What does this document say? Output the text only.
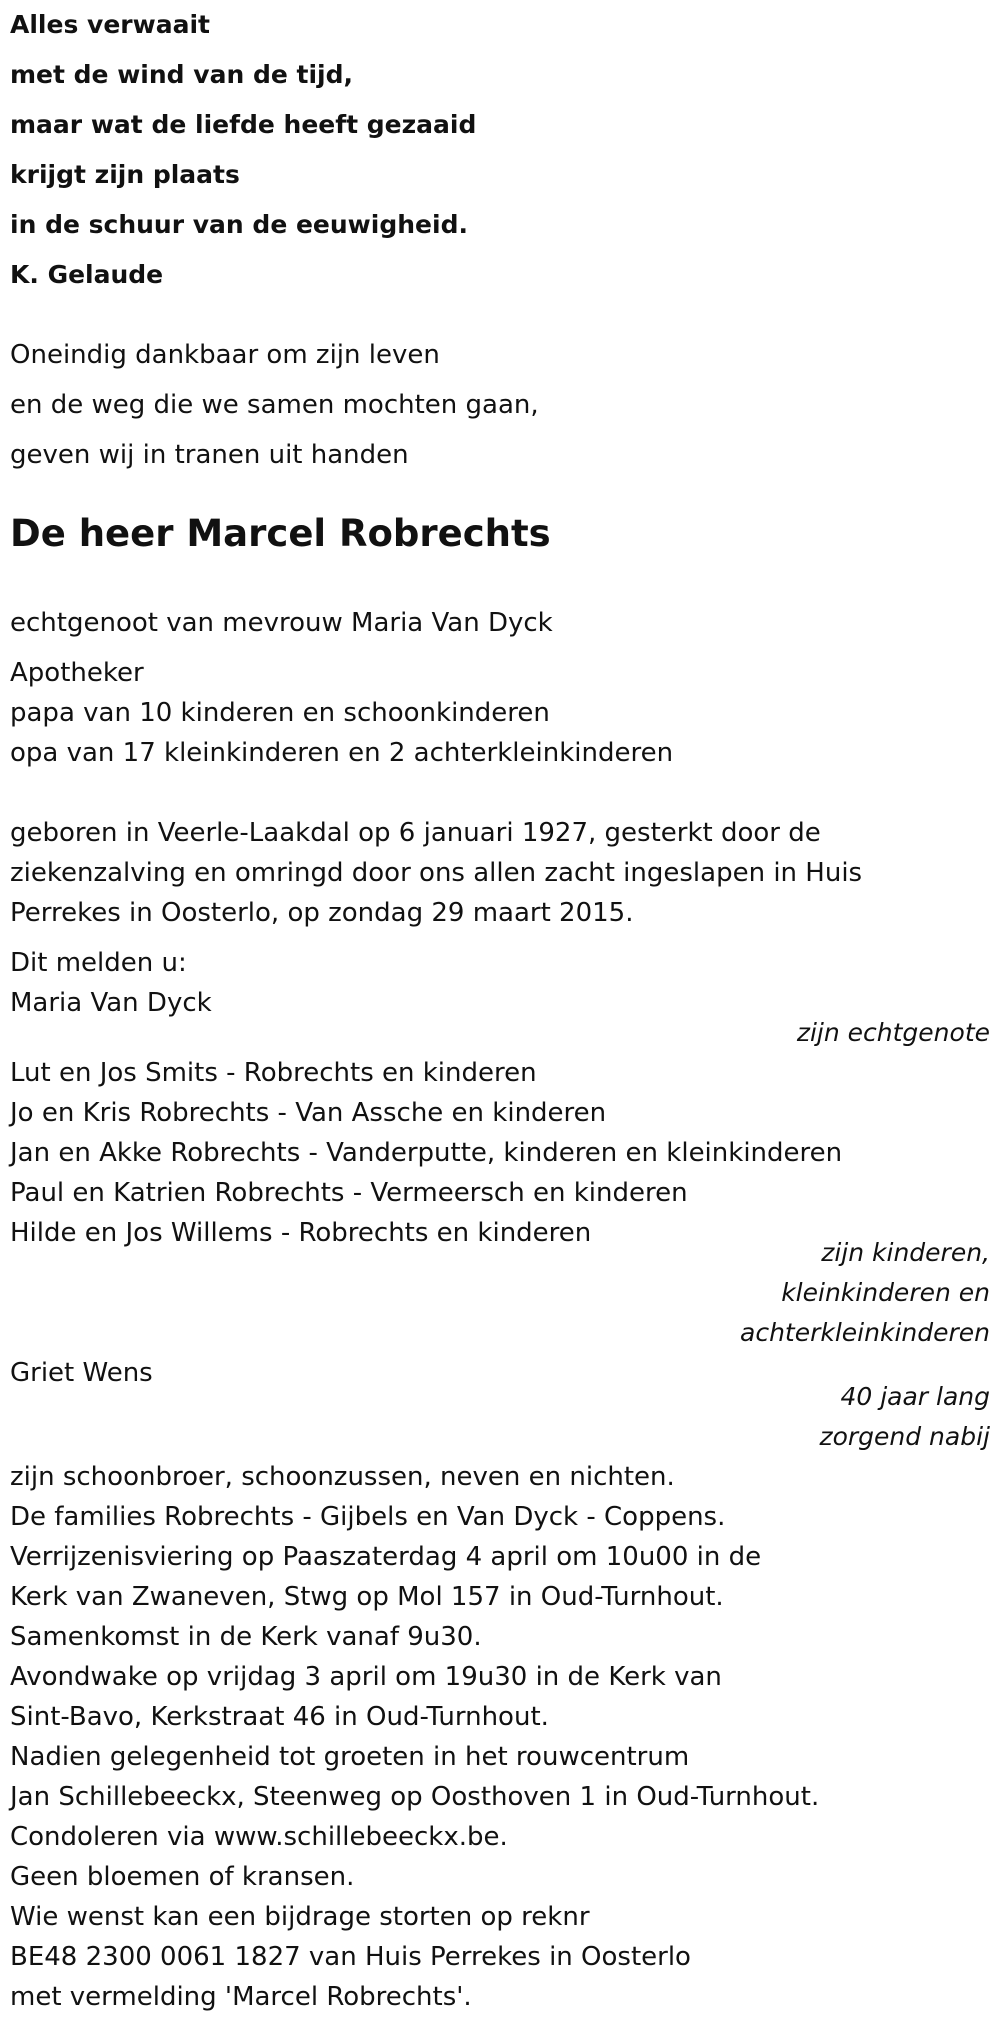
Alles verwaait
met de wind van de tijd,
maar wat de liefde heeft gezaaid
krijgt zijn plaats
in de schuur van de eeuwigheid.
K. Gelaude
Oneindig dankbaar om zijn leven
en de weg die we samen mochten gaan,
geven wij in tranen uit handen
De heer Marcel Robrechts
echtgenoot van mevrouw Maria Van Dyck
Apotheker
papa van 10 kinderen en schoonkinderen
opa van 17 kleinkinderen en 2 achterkleinkinderen
geboren in Veerle-Laakdal op 6 januari 1927, gesterkt door de
ziekenzalving en omringd door ons allen zacht ingeslapen in Huis
Perrekes in Oosterlo, op zondag 29 maart 2015.
Dit melden u:
Maria Van Dyck
zijn echtgenote
Lut en Jos Smits - Robrechts en kinderen
Jo en Kris Robrechts - Van Assche en kinderen
Jan en Akke Robrechts - Vanderputte, kinderen en kleinkinderen
Paul en Katrien Robrechts - Vermeersch en kinderen
Hilde en Jos Willems - Robrechts en kinderen
zijn kinderen,
kleinkinderen en
achterkleinkinderen
Griet Wens
40 jaar lang
zorgend nabij
zijn schoonbroer, schoonzussen, neven en nichten.
De families Robrechts - Gijbels en Van Dyck - Coppens.
Verrijzenisviering op Paaszaterdag 4 april om 10u00 in de
Kerk van Zwaneven, Stwg op Mol 157 in Oud-Turnhout.
Samenkomst in de Kerk vanaf 9u30.
Avondwake op vrijdag 3 april om 19u30 in de Kerk van
Sint-Bavo, Kerkstraat 46 in Oud-Turnhout.
Nadien gelegenheid tot groeten in het rouwcentrum
Jan Schillebeeckx, Steenweg op Oosthoven 1 in Oud-Turnhout.
Condoleren via www.schillebeeckx.be.
Geen bloemen of kransen.
Wie wenst kan een bijdrage storten op reknr
BE48 2300 0061 1827 van Huis Perrekes in Oosterlo
met vermelding 'Marcel Robrechts'.
